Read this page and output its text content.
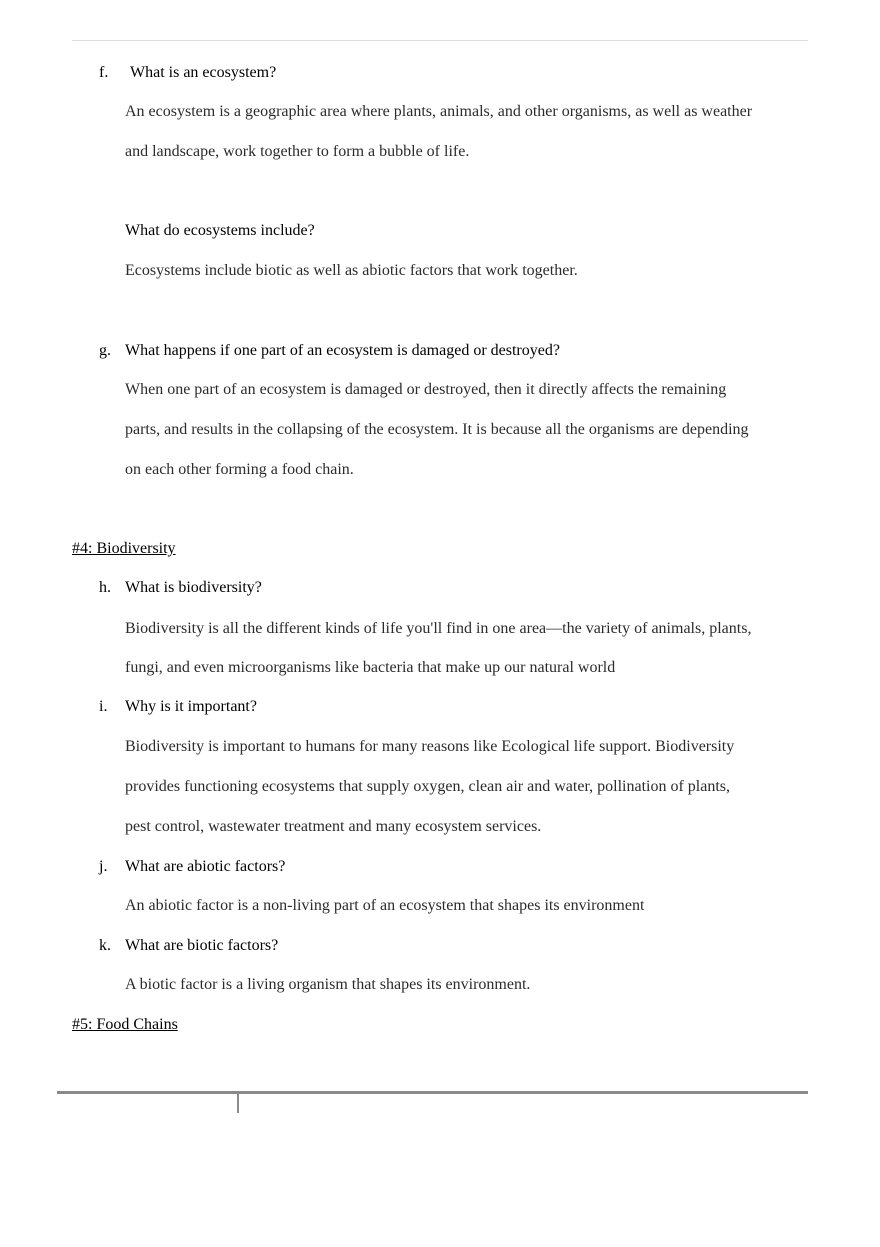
f. What is an ecosystem?
An ecosystem is a geographic area where plants, animals, and other organisms, as well as weather
and landscape, work together to form a bubble of life.
What do ecosystems include?
Ecosystems include biotic as well as abiotic factors that work together.
g. What happens if one part of an ecosystem is damaged or destroyed?
When one part of an ecosystem is damaged or destroyed, then it directly affects the remaining
parts, and results in the collapsing of the ecosystem. It is because all the organisms are depending
on each other forming a food chain.
#4: Biodiversity
h. What is biodiversity?
Biodiversity is all the different kinds of life you'll find in one area—the variety of animals, plants,
fungi, and even microorganisms like bacteria that make up our natural world
i. Why is it important?
Biodiversity is important to humans for many reasons like Ecological life support. Biodiversity
provides functioning ecosystems that supply oxygen, clean air and water, pollination of plants,
pest control, wastewater treatment and many ecosystem services.
j. What are abiotic factors?
An abiotic factor is a non-living part of an ecosystem that shapes its environment
k. What are biotic factors?
A biotic factor is a living organism that shapes its environment.
#5: Food Chains
